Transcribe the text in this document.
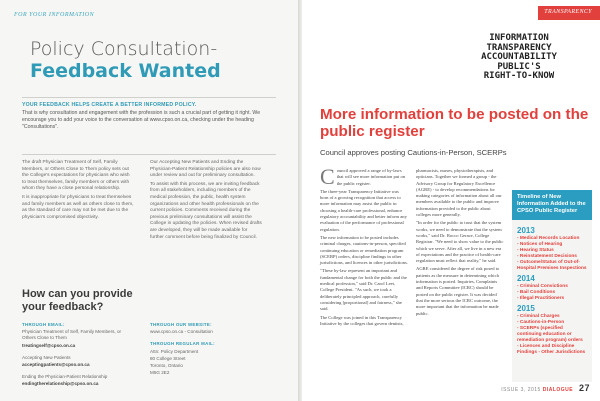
FOR YOUR INFORMATION
Policy Consultation-
Feedback Wanted
YOUR FEEDBACK HELPS CREATE A BETTER INFORMED POLICY.
That is why consultation and engagement with the profession is such a crucial part of getting it right. We encourage you to add your voice to the conversation at www.cpso.on.ca, checking under the heading "Consultations".

The draft Physician Treatment of Self, Family Members, or Others Close to Them policy sets out the College's expectations for physicians who wish to treat themselves, family members or others with whom they have a close personal relationship.

It is inappropriate for physicians to treat themselves and family members as well as others close to them, as the standard of care may not be met due to the physician's compromised objectivity.

Our Accepting New Patients and Ending the Physician-Patient Relationship policies are also now under review and out for preliminary consultation.

To assist with this process, we are inviting feedback from all stakeholders, including members of the medical profession, the public, health system organizations and other health professionals on the current policies. Comments received during the previous preliminary consultations will assist the College in updating the policies. When revised drafts are developed, they will be made available for further comment before being finalized by Council.

How can you provide
your feedback?
THROUGH EMAIL:
Physician Treatment of Self, Family Members, or Others Close to Them
treatingself@cpso.on.ca
Accepting New Patients
acceptingpatients@cpso.on.ca
Ending the Physician-Patient Relationship
endingtherelationship@cpso.on.ca
THROUGH OUR WEBSITE:
www.cpso.on.ca - Consultation
THROUGH REGULAR MAIL:
Attn: Policy Department
80 College Street
Toronto, Ontario
M5G 2E2
TRANSPARENCY
INFORMATION
TRANSPARENCY
ACCOUNTABILITY
PUBLIC'S
RIGHT-TO-KNOW
More information to be posted on the public register
Council approves posting Cautions-in-Person, SCERPs

Council approved a range of by-laws that will see more information put on the public register.

The three-year Transparency Initiative was born of a growing recognition that access to more information may assist the public in choosing a health-care professional, enhance regulatory accountability and better inform any evaluation of the performance of professional regulation.

The new information to be posted includes criminal charges, cautions-in-person, specified continuing education or remediation program (SCERP) orders, discipline findings in other jurisdictions, and licences in other jurisdictions.

"These by-law represent an important and fundamental change for both the public and the medical profession," said Dr. Carol Leet, College President. "As such, we took a deliberately principled approach, carefully considering [proportional] and fairness," she said.

The College was joined in this Transparency Initiative by the colleges that govern dentists,

pharmacists, nurses, physiotherapists, and opticians. Together we formed a group - the Advisory Group for Regulatory Excellence (AGRE) - to develop recommendations for making categories of information about all our members available to the public and improve information provided to the public about colleges more generally.

"In order for the public to trust that the system works, we need to demonstrate that the system works," said Dr. Rocco Gerace, College Registrar. "We need to show value to the public which we serve. After all, we live in a new era of expectations and the practice of health-care regulation must reflect that reality," he said.

AGRE considered the degree of risk posed to patients as the measure in determining which information is posted. Inquiries, Complaints and Reports Committee (ICRC) should be posted on the public register. It was decided that the more serious the ICRC outcome, the more important that the information be made public.

Timeline of New Information Added to the CPSO Public Register
2013
- Medical Records Location
- Notices of Hearing
- Hearing Status
- Reinstatement Decisions
- Outcome/Status of Out-of-Hospital Premises Inspections
2014
- Criminal Convictions
- Bail Conditions
- Illegal Practitioners
2015
- Criminal Charges
- Cautions-in-Person
- SCERPs (specified continuing education or remediation program) orders
- Licences and Discipline Findings - Other Jurisdictions
ISSUE 3, 2015 DIALOGUE 27
